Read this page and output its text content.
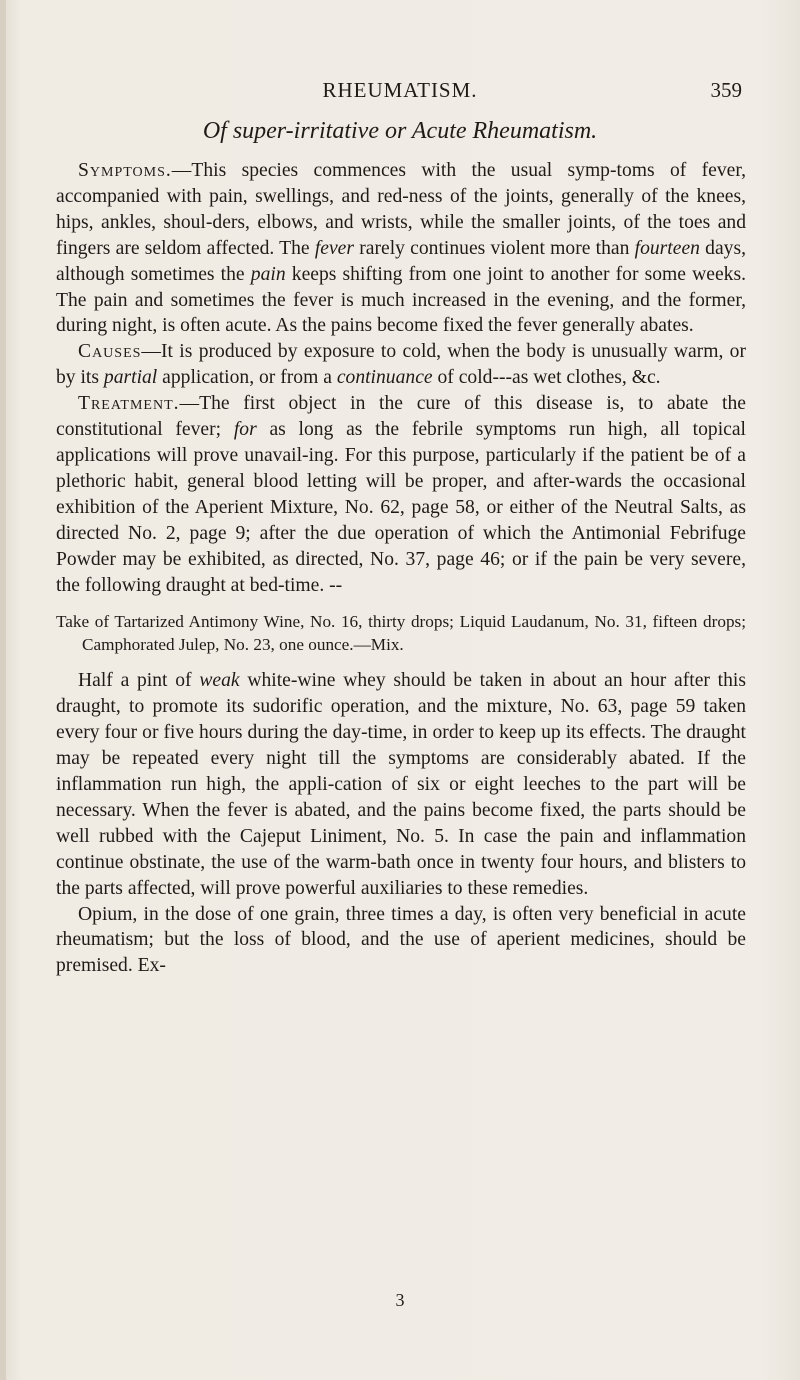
RHEUMATISM.	359
Of super-irritative or Acute Rheumatism.

Symptoms.—This species commences with the usual symp-toms of fever, accompanied with pain, swellings, and red-ness of the joints, generally of the knees, hips, ankles, shoul-ders, elbows, and wrists, while the smaller joints, of the toes and fingers are seldom affected. The fever rarely continues violent more than fourteen days, although sometimes the pain keeps shifting from one joint to another for some weeks. The pain and sometimes the fever is much increased in the evening, and the former, during night, is often acute. As the pains become fixed the fever generally abates.

Causes—It is produced by exposure to cold, when the body is unusually warm, or by its partial application, or from a continuance of cold---as wet clothes, &c.

Treatment.—The first object in the cure of this disease is, to abate the constitutional fever; for as long as the febrile symptoms run high, all topical applications will prove unavail-ing. For this purpose, particularly if the patient be of a plethoric habit, general blood letting will be proper, and after-wards the occasional exhibition of the Aperient Mixture, No. 62, page 58, or either of the Neutral Salts, as directed No. 2, page 9; after the due operation of which the Antimonial Febrifuge Powder may be exhibited, as directed, No. 37, page 46; or if the pain be very severe, the following draught at bed-time. --

Take of Tartarized Antimony Wine, No. 16, thirty drops; Liquid Laudanum, No. 31, fifteen drops; Camphorated Julep, No. 23, one ounce.—Mix.

Half a pint of weak white-wine whey should be taken in about an hour after this draught, to promote its sudorific operation, and the mixture, No. 63, page 59 taken every four or five hours during the day-time, in order to keep up its effects. The draught may be repeated every night till the symptoms are considerably abated. If the inflammation run high, the appli-cation of six or eight leeches to the part will be necessary. When the fever is abated, and the pains become fixed, the parts should be well rubbed with the Cajeput Liniment, No. 5. In case the pain and inflammation continue obstinate, the use of the warm-bath once in twenty four hours, and blisters to the parts affected, will prove powerful auxiliaries to these remedies.

Opium, in the dose of one grain, three times a day, is often very beneficial in acute rheumatism; but the loss of blood, and the use of aperient medicines, should be premised. Ex-

3
